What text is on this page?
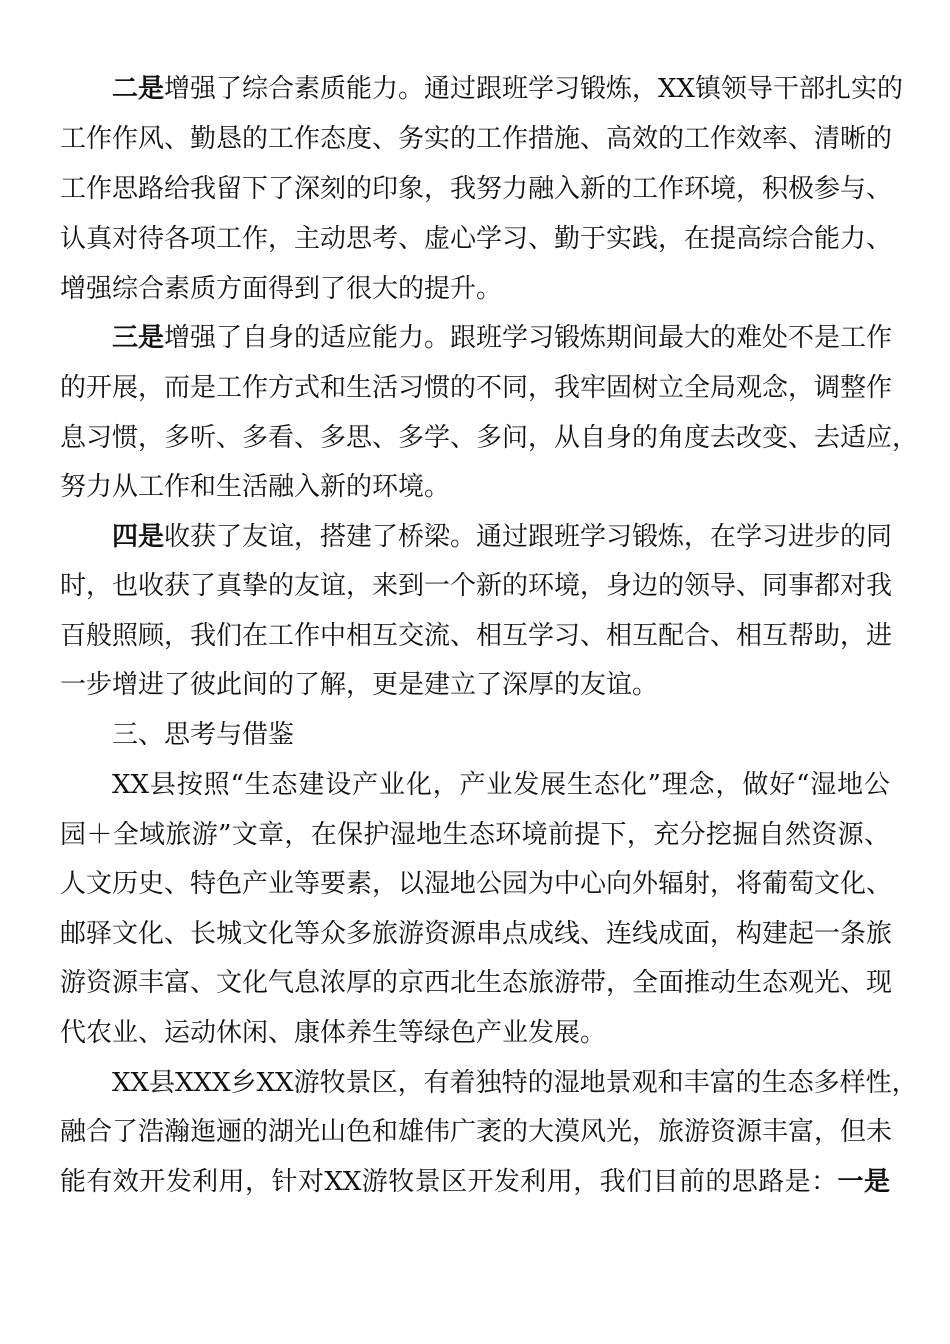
二是增强了综合素质能力。通过跟班学习锻炼，XX镇领导干部扎实的
工作作风、勤恳的工作态度、务实的工作措施、高效的工作效率、清晰的
工作思路给我留下了深刻的印象，我努力融入新的工作环境，积极参与、
认真对待各项工作，主动思考、虚心学习、勤于实践，在提高综合能力、
增强综合素质方面得到了很大的提升。
三是增强了自身的适应能力。跟班学习锻炼期间最大的难处不是工作
的开展，而是工作方式和生活习惯的不同，我牢固树立全局观念，调整作
息习惯，多听、多看、多思、多学、多问，从自身的角度去改变、去适应，
努力从工作和生活融入新的环境。
四是收获了友谊，搭建了桥梁。通过跟班学习锻炼，在学习进步的同
时，也收获了真挚的友谊，来到一个新的环境，身边的领导、同事都对我
百般照顾，我们在工作中相互交流、相互学习、相互配合、相互帮助，进
一步增进了彼此间的了解，更是建立了深厚的友谊。
三、思考与借鉴
XX县按照“生态建设产业化，产业发展生态化”理念，做好“湿地公
园＋全域旅游”文章，在保护湿地生态环境前提下，充分挖掘自然资源、
人文历史、特色产业等要素，以湿地公园为中心向外辐射，将葡萄文化、
邮驿文化、长城文化等众多旅游资源串点成线、连线成面，构建起一条旅
游资源丰富、文化气息浓厚的京西北生态旅游带，全面推动生态观光、现
代农业、运动休闲、康体养生等绿色产业发展。
XX县XXX乡XX游牧景区，有着独特的湿地景观和丰富的生态多样性，
融合了浩瀚迤逦的湖光山色和雄伟广袤的大漠风光，旅游资源丰富，但未
能有效开发利用，针对XX游牧景区开发利用，我们目前的思路是：一是
